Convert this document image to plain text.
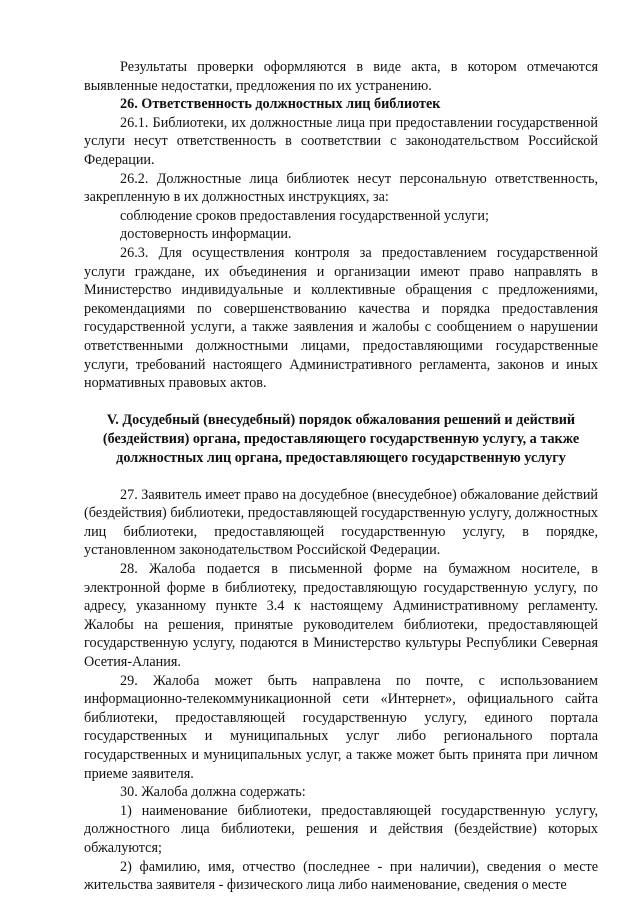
Результаты проверки оформляются в виде акта, в котором отмечаются выявленные недостатки, предложения по их устранению.

26. Ответственность должностных лиц библиотек

26.1. Библиотеки, их должностные лица при предоставлении государственной услуги несут ответственность в соответствии с законодательством Российской Федерации.

26.2. Должностные лица библиотек несут персональную ответственность, закрепленную в их должностных инструкциях, за:

соблюдение сроков предоставления государственной услуги;

достоверность информации.

26.3. Для осуществления контроля за предоставлением государственной услуги граждане, их объединения и организации имеют право направлять в Министерство индивидуальные и коллективные обращения с предложениями, рекомендациями по совершенствованию качества и порядка предоставления государственной услуги, а также заявления и жалобы с сообщением о нарушении ответственными должностными лицами, предоставляющими государственные услуги, требований настоящего Административного регламента, законов и иных нормативных правовых актов.

V. Досудебный (внесудебный) порядок обжалования решений и действий (бездействия) органа, предоставляющего государственную услугу, а также должностных лиц органа, предоставляющего государственную услугу

27. Заявитель имеет право на досудебное (внесудебное) обжалование действий (бездействия) библиотеки, предоставляющей государственную услугу, должностных лиц библиотеки, предоставляющей государственную услугу, в порядке, установленном законодательством Российской Федерации.

28. Жалоба подается в письменной форме на бумажном носителе, в электронной форме в библиотеку, предоставляющую государственную услугу, по адресу, указанному пункте 3.4 к настоящему Административному регламенту. Жалобы на решения, принятые руководителем библиотеки, предоставляющей государственную услугу, подаются в Министерство культуры Республики Северная Осетия-Алания.

29. Жалоба может быть направлена по почте, с использованием информационно-телекоммуникационной сети «Интернет», официального сайта библиотеки, предоставляющей государственную услугу, единого портала государственных и муниципальных услуг либо регионального портала государственных и муниципальных услуг, а также может быть принята при личном приеме заявителя.

30. Жалоба должна содержать:

1) наименование библиотеки, предоставляющей государственную услугу, должностного лица библиотеки, решения и действия (бездействие) которых обжалуются;

2) фамилию, имя, отчество (последнее - при наличии), сведения о месте жительства заявителя - физического лица либо наименование, сведения о месте
